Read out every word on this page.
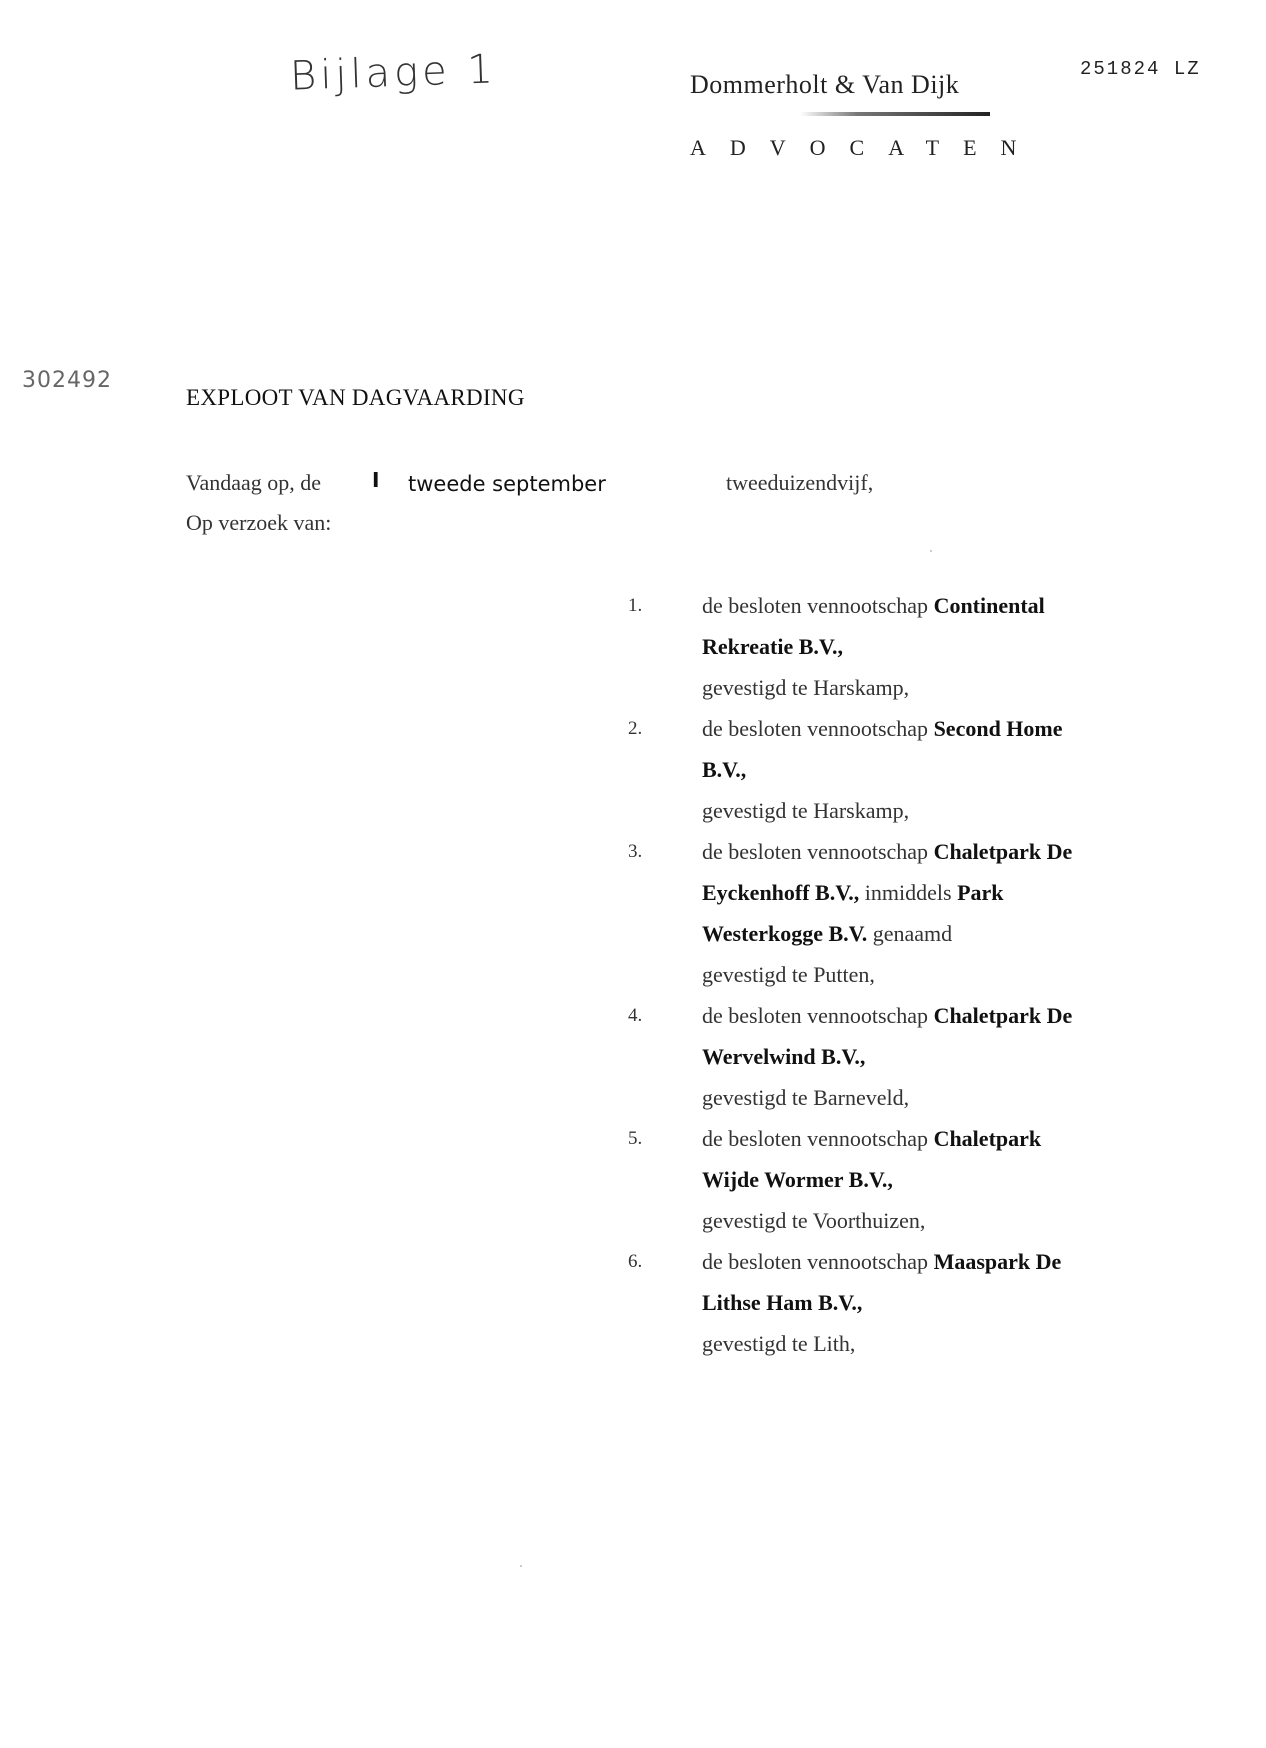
Bijlage 1
302492
Dommerholt & Van Dijk
ADVOCATEN
251824 LZ
EXPLOOT VAN DAGVAARDING
Vandaag op, de	I tweede september	tweeduizendvijf,
Op verzoek van:
1.	de besloten vennootschap Continental
Rekreatie B.V.,
gevestigd te Harskamp,
2.	de besloten vennootschap Second Home
B.V.,
gevestigd te Harskamp,
3.	de besloten vennootschap Chaletpark De
Eyckenhoff B.V., inmiddels Park
Westerkogge B.V. genaamd
gevestigd te Putten,
4.	de besloten vennootschap Chaletpark De
Wervelwind B.V.,
gevestigd te Barneveld,
5.	de besloten vennootschap Chaletpark
Wijde Wormer B.V.,
gevestigd te Voorthuizen,
6.	de besloten vennootschap Maaspark De
Lithse Ham B.V.,
gevestigd te Lith,
